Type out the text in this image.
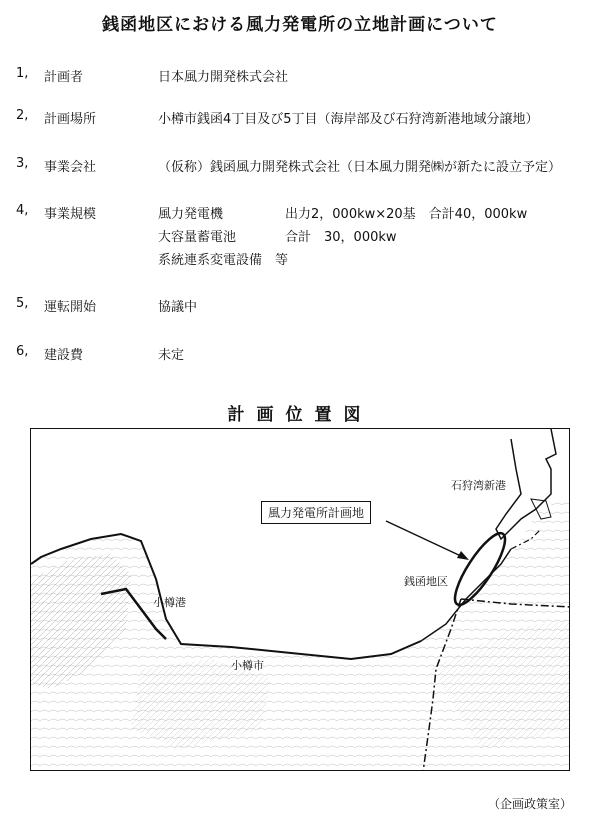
銭函地区における風力発電所の立地計画について
1, 計画者	日本風力開発株式会社
2, 計画場所	小樽市銭函4丁目及び5丁目（海岸部及び石狩湾新港地域分譲地）
3, 事業会社	（仮称）銭函風力開発株式会社（日本風力開発㈱が新たに設立予定）
4, 事業規模	風力発電機	出力2，000kw×20基　合計40，000kw
大容量蓄電池	合計　30，000kw
系統連系変電設備　等
5, 運転開始	協議中
6, 建設費	未定
計画位置図
風力発電所計画地
石狩湾新港
銭函地区
小樽港
小樽市
（企画政策室）
